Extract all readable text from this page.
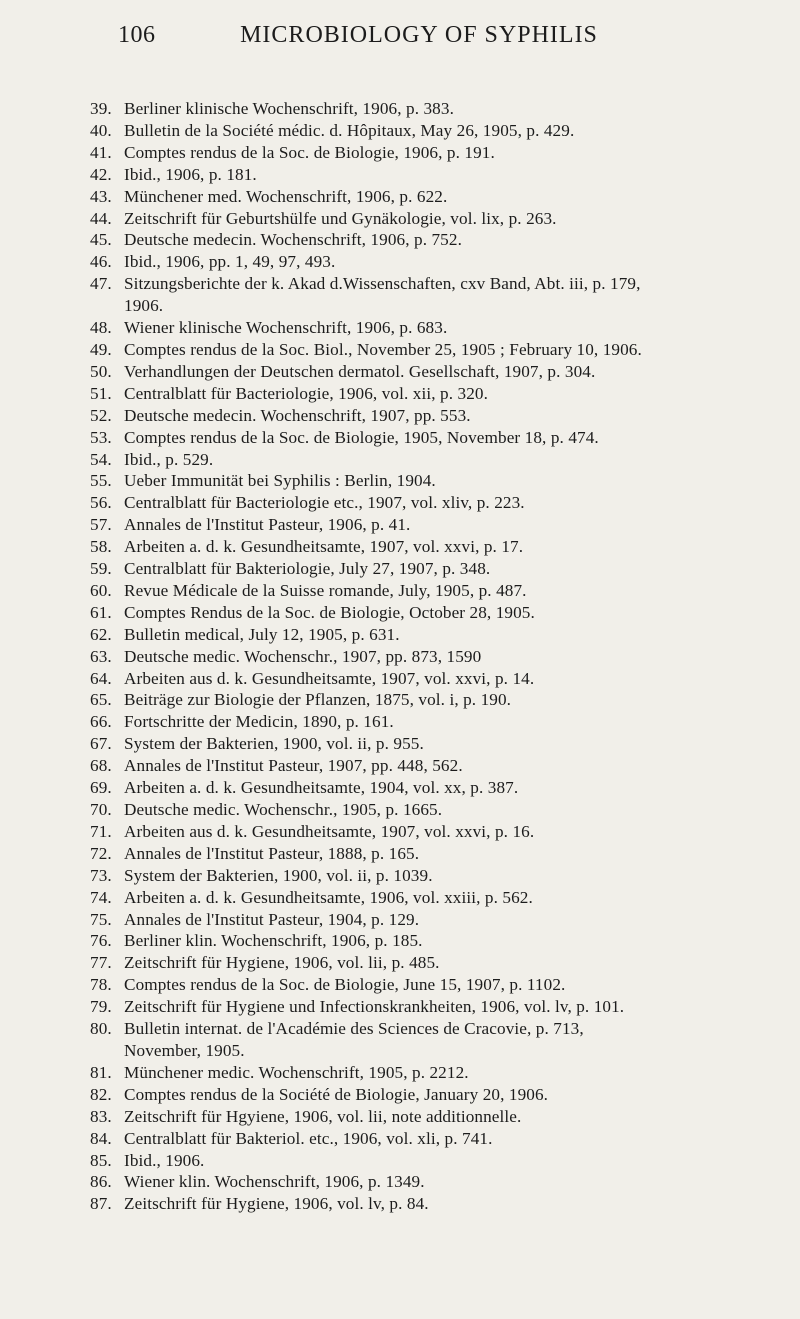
106	MICROBIOLOGY OF SYPHILIS
39. Berliner klinische Wochenschrift, 1906, p. 383.
40. Bulletin de la Société médic. d. Hôpitaux, May 26, 1905, p. 429.
41. Comptes rendus de la Soc. de Biologie, 1906, p. 191.
42. Ibid., 1906, p. 181.
43. Münchener med. Wochenschrift, 1906, p. 622.
44. Zeitschrift für Geburtshülfe und Gynäkologie, vol. lix, p. 263.
45. Deutsche medecin. Wochenschrift, 1906, p. 752.
46. Ibid., 1906, pp. 1, 49, 97, 493.
47. Sitzungsberichte der k. Akad d.Wissenschaften, cxv Band, Abt. iii, p. 179,
1906.
48. Wiener klinische Wochenschrift, 1906, p. 683.
49. Comptes rendus de la Soc. Biol., November 25, 1905 ; February 10, 1906.
50. Verhandlungen der Deutschen dermatol. Gesellschaft, 1907, p. 304.
51. Centralblatt für Bacteriologie, 1906, vol. xii, p. 320.
52. Deutsche medecin. Wochenschrift, 1907, pp. 553.
53. Comptes rendus de la Soc. de Biologie, 1905, November 18, p. 474.
54. Ibid., p. 529.
55. Ueber Immunität bei Syphilis : Berlin, 1904.
56. Centralblatt für Bacteriologie etc., 1907, vol. xliv, p. 223.
57. Annales de l'Institut Pasteur, 1906, p. 41.
58. Arbeiten a. d. k. Gesundheitsamte, 1907, vol. xxvi, p. 17.
59. Centralblatt für Bakteriologie, July 27, 1907, p. 348.
60. Revue Médicale de la Suisse romande, July, 1905, p. 487.
61. Comptes Rendus de la Soc. de Biologie, October 28, 1905.
62. Bulletin medical, July 12, 1905, p. 631.
63. Deutsche medic. Wochenschr., 1907, pp. 873, 1590
64. Arbeiten aus d. k. Gesundheitsamte, 1907, vol. xxvi, p. 14.
65. Beiträge zur Biologie der Pflanzen, 1875, vol. i, p. 190.
66. Fortschritte der Medicin, 1890, p. 161.
67. System der Bakterien, 1900, vol. ii, p. 955.
68. Annales de l'Institut Pasteur, 1907, pp. 448, 562.
69. Arbeiten a. d. k. Gesundheitsamte, 1904, vol. xx, p. 387.
70. Deutsche medic. Wochenschr., 1905, p. 1665.
71. Arbeiten aus d. k. Gesundheitsamte, 1907, vol. xxvi, p. 16.
72. Annales de l'Institut Pasteur, 1888, p. 165.
73. System der Bakterien, 1900, vol. ii, p. 1039.
74. Arbeiten a. d. k. Gesundheitsamte, 1906, vol. xxiii, p. 562.
75. Annales de l'Institut Pasteur, 1904, p. 129.
76. Berliner klin. Wochenschrift, 1906, p. 185.
77. Zeitschrift für Hygiene, 1906, vol. lii, p. 485.
78. Comptes rendus de la Soc. de Biologie, June 15, 1907, p. 1102.
79. Zeitschrift für Hygiene und Infectionskrankheiten, 1906, vol. lv, p. 101.
80. Bulletin internat. de l'Académie des Sciences de Cracovie, p. 713,
November, 1905.
81. Münchener medic. Wochenschrift, 1905, p. 2212.
82. Comptes rendus de la Société de Biologie, January 20, 1906.
83. Zeitschrift für Hgyiene, 1906, vol. lii, note additionnelle.
84. Centralblatt für Bakteriol. etc., 1906, vol. xli, p. 741.
85. Ibid., 1906.
86. Wiener klin. Wochenschrift, 1906, p. 1349.
87. Zeitschrift für Hygiene, 1906, vol. lv, p. 84.
